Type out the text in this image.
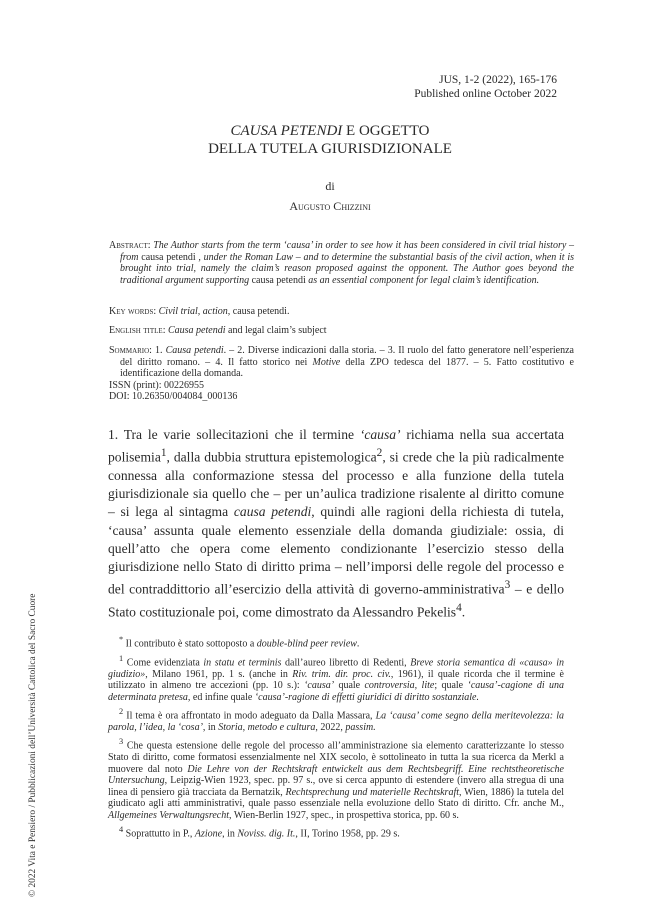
JUS, 1-2 (2022), 165-176
Published online October 2022
CAUSA PETENDI E OGGETTO
DELLA TUTELA GIURISDIZIONALE
di
Augusto Chizzini
Abstract: The Author starts from the term ‘causa’ in order to see how it has been considered in civil trial history – from causa petendi , under the Roman Law – and to determine the substantial basis of the civil action, when it is brought into trial, namely the claim’s reason proposed against the opponent. The Author goes beyond the traditional argument supporting causa petendi as an essential component for legal claim’s identification.
Key words: Civil trial, action, causa petendi.
English title: Causa petendi and legal claim’s subject
Sommario: 1. Causa petendi. – 2. Diverse indicazioni dalla storia. – 3. Il ruolo del fatto generatore nell’esperienza del diritto romano. – 4. Il fatto storico nei Motive della ZPO tedesca del 1877. – 5. Fatto costitutivo e identificazione della domanda.
ISSN (print): 00226955
DOI: 10.26350/004084_000136
1. Tra le varie sollecitazioni che il termine ‘causa’ richiama nella sua accertata polisemia$^1$, dalla dubbia struttura epistemologica$^2$, si crede che la più radicalmente connessa alla conformazione stessa del processo e alla funzione della tutela giurisdizionale sia quello che – per un’aulica tradizione risalente al diritto comune – si lega al sintagma causa petendi, quindi alle ragioni della richiesta di tutela, ‘causa’ assunta quale elemento essenziale della domanda giudiziale: ossia, di quell’atto che opera come elemento condizionante l’esercizio stesso della giurisdizione nello Stato di diritto prima – nell’imporsi delle regole del processo e del contraddittorio all’esercizio della attività di governo-amministrativa$^3$ – e dello Stato costituzionale poi, come dimostrato da Alessandro Pekelis$^4$.
* Il contributo è stato sottoposto a double-blind peer review.
$^1$ Come evidenziata in statu et terminis dall’aureo libretto di Redenti, Breve storia semantica di «causa» in giudizio», Milano 1961, pp. 1 s. (anche in Riv. trim. dir. proc. civ., 1961), il quale ricorda che il termine è utilizzato in almeno tre accezioni (pp. 10 s.): ‘causa’ quale controversia, lite; quale ‘causa’-cagione di una determinata pretesa, ed infine quale ‘causa’-ragione di effetti giuridici di diritto sostanziale.
$^2$ Il tema è ora affrontato in modo adeguato da Dalla Massara, La ‘causa’ come segno della meritevolezza: la parola, l’idea, la ‘cosa’, in Storia, metodo e cultura, 2022, passim.
$^3$ Che questa estensione delle regole del processo all’amministrazione sia elemento caratterizzante lo stesso Stato di diritto, come formatosi essenzialmente nel XIX secolo, è sottolineato in tutta la sua ricerca da Merkl a muovere dal noto Die Lehre von der Rechtskraft entwickelt aus dem Rechtsbegriff. Eine rechtstheoretische Untersuchung, Leipzig-Wien 1923, spec. pp. 97 s., ove si cerca appunto di estendere (invero alla stregua di una linea di pensiero già tracciata da Bernatzik, Rechtsprechung und materielle Rechtskraft, Wien, 1886) la tutela del giudicato agli atti amministrativi, quale passo essenziale nella evoluzione dello Stato di diritto. Cfr. anche M., Allgemeines Verwaltungsrecht, Wien-Berlin 1927, spec., in prospettiva storica, pp. 60 s.
$^4$ Soprattutto in P., Azione, in Noviss. dig. It., II, Torino 1958, pp. 29 s.
© 2022 Vita e Pensiero / Pubblicazioni dell’Università Cattolica del Sacro Cuore
